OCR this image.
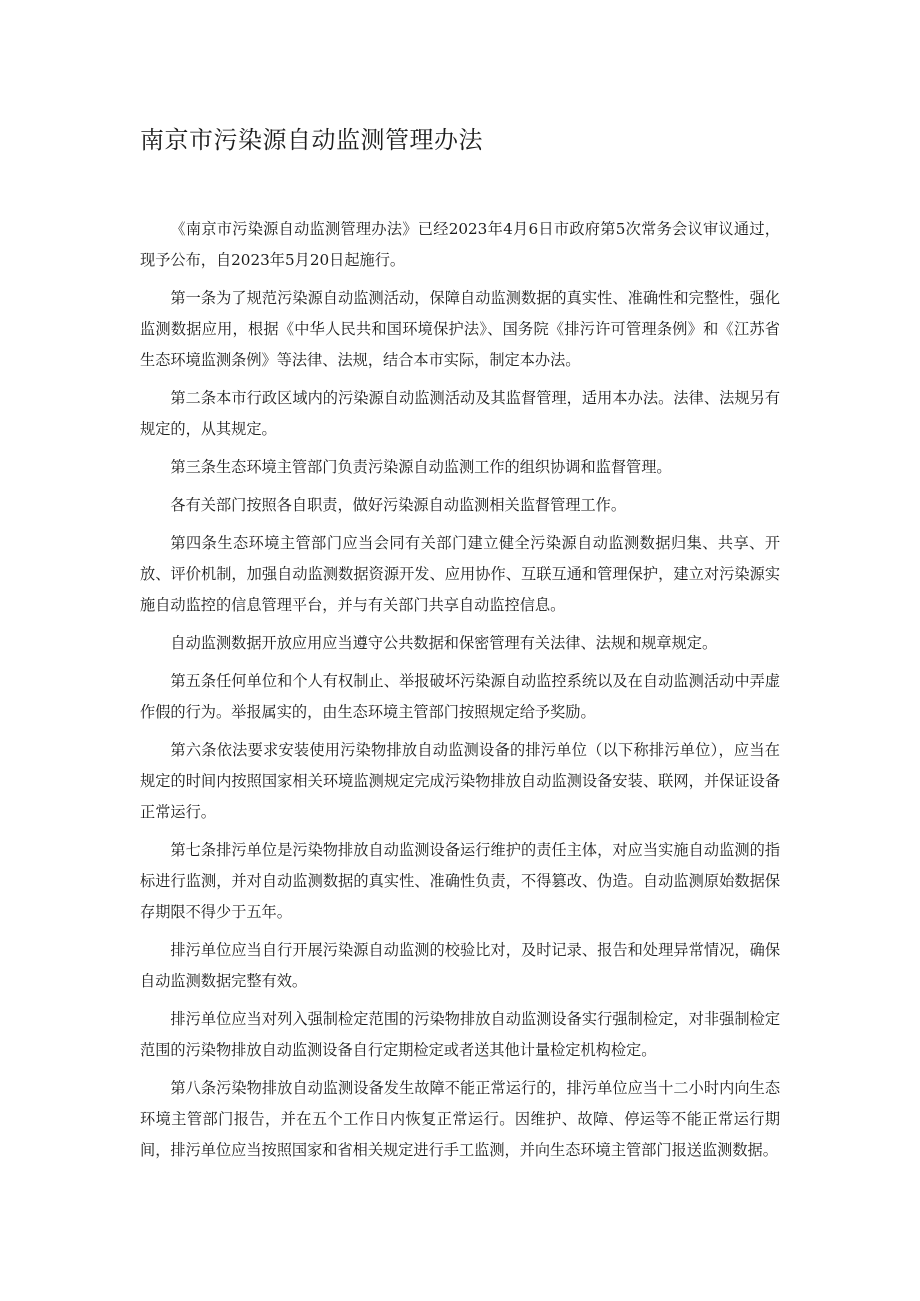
南京市污染源自动监测管理办法

《南京市污染源自动监测管理办法》已经2023年4月6日市政府第5次常务会议审议通过，现予公布，自2023年5月20日起施行。

第一条为了规范污染源自动监测活动，保障自动监测数据的真实性、准确性和完整性，强化监测数据应用，根据《中华人民共和国环境保护法》、国务院《排污许可管理条例》和《江苏省生态环境监测条例》等法律、法规，结合本市实际，制定本办法。

第二条本市行政区域内的污染源自动监测活动及其监督管理，适用本办法。法律、法规另有规定的，从其规定。

第三条生态环境主管部门负责污染源自动监测工作的组织协调和监督管理。

各有关部门按照各自职责，做好污染源自动监测相关监督管理工作。

第四条生态环境主管部门应当会同有关部门建立健全污染源自动监测数据归集、共享、开放、评价机制，加强自动监测数据资源开发、应用协作、互联互通和管理保护，建立对污染源实施自动监控的信息管理平台，并与有关部门共享自动监控信息。

自动监测数据开放应用应当遵守公共数据和保密管理有关法律、法规和规章规定。

第五条任何单位和个人有权制止、举报破坏污染源自动监控系统以及在自动监测活动中弄虚作假的行为。举报属实的，由生态环境主管部门按照规定给予奖励。

第六条依法要求安装使用污染物排放自动监测设备的排污单位（以下称排污单位），应当在规定的时间内按照国家相关环境监测规定完成污染物排放自动监测设备安装、联网，并保证设备正常运行。

第七条排污单位是污染物排放自动监测设备运行维护的责任主体，对应当实施自动监测的指标进行监测，并对自动监测数据的真实性、准确性负责，不得篡改、伪造。自动监测原始数据保存期限不得少于五年。

排污单位应当自行开展污染源自动监测的校验比对，及时记录、报告和处理异常情况，确保自动监测数据完整有效。

排污单位应当对列入强制检定范围的污染物排放自动监测设备实行强制检定，对非强制检定范围的污染物排放自动监测设备自行定期检定或者送其他计量检定机构检定。

第八条污染物排放自动监测设备发生故障不能正常运行的，排污单位应当十二小时内向生态环境主管部门报告，并在五个工作日内恢复正常运行。因维护、故障、停运等不能正常运行期间，排污单位应当按照国家和省相关规定进行手工监测，并向生态环境主管部门报送监测数据。
